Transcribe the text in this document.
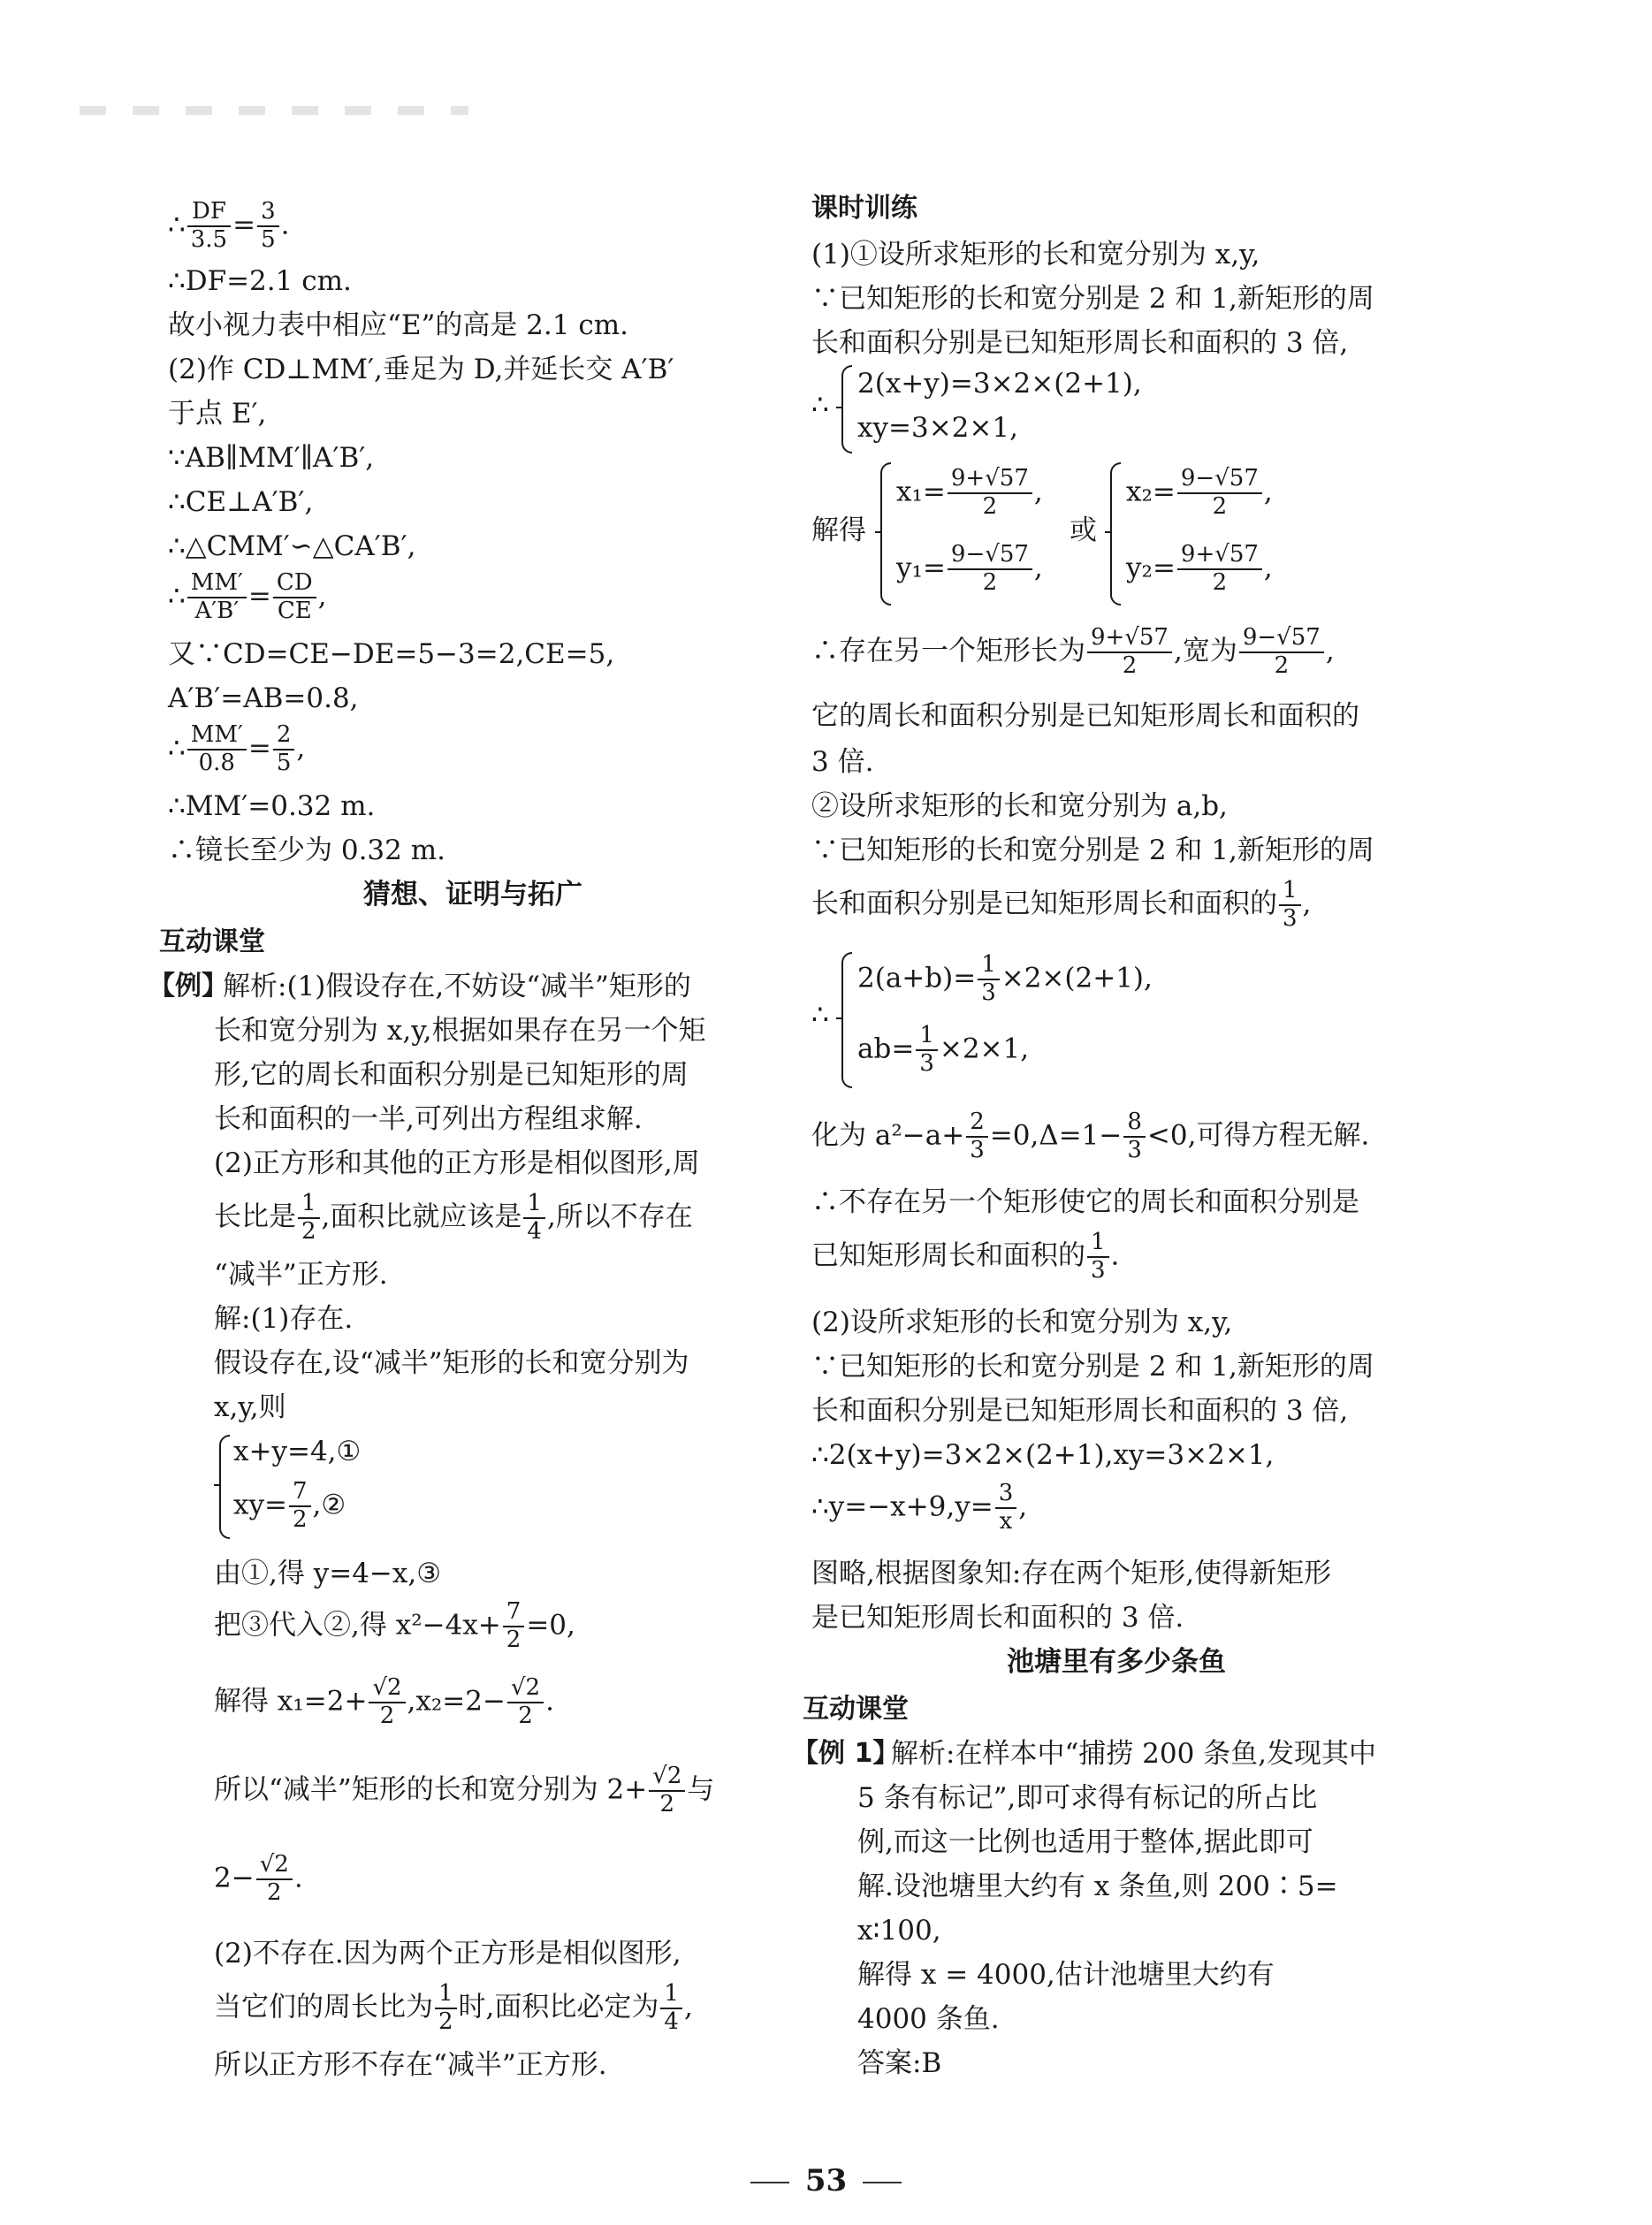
∴ $\frac{DF}{3.5} = \frac{3}{5}$ .
∴DF=2.1 cm.
故小视力表中相应“E”的高是 2.1 cm.
(2)作 CD⊥MM′,垂足为 D,并延长交 A′B′
于点 E′,
∵AB∥MM′∥A′B′,
∴CE⊥A′B′,
∴△CMM′∽△CA′B′,
∴ $\frac{MM'}{A'B'} = \frac{CD}{CE}$ ,
又∵CD=CE−DE=5−3=2,CE=5,
A′B′=AB=0.8,
∴ $\frac{MM'}{0.8} = \frac{2}{5}$ ,
∴MM′=0.32 m.
∴镜长至少为 0.32 m.
猜想、证明与拓广
互动课堂
【例】
解析:(1)假设存在,不妨设“减半”矩形的
长和宽分别为 x,y,根据如果存在另一个矩
形,它的周长和面积分别是已知矩形的周
长和面积的一半,可列出方程组求解.
(2)正方形和其他的正方形是相似图形,周
长比是 $\frac{1}{2}$ ,面积比就应该是 $\frac{1}{4}$ ,所以不存在
“减半”正方形.
解:(1)存在.
假设存在,设“减半”矩形的长和宽分别为
x,y,则
x+y=4,①
$xy= \frac{7}{2}$ ,②
由①,得 y=4−x,③
把③代入②,得 $x^2-4x+ \frac{7}{2} =0$,
解得 $x_1=2+ \frac{√2}{2} ,x_2=2- \frac{√2}{2}$ .
所以“减半”矩形的长和宽分别为 $2+ \frac{√2}{2}$ 与
$2- \frac{√2}{2}$ .
(2)不存在.因为两个正方形是相似图形,
当它们的周长比为 $\frac{1}{2}$ 时,面积比必定为 $\frac{1}{4}$ ,
所以正方形不存在“减半”正方形.
课时训练
(1)①设所求矩形的长和宽分别为 x,y,
∵已知矩形的长和宽分别是 2 和 1,新矩形的周
长和面积分别是已知矩形周长和面积的 3 倍,
∴
2(x+y)=3×2×(2+1),
xy=3×2×1,
解得
$x_1= \frac{9+√57}{2}$ ,
$y_1= \frac{9-√57}{2}$ ,
或
$x_2= \frac{9-√57}{2}$ ,
$y_2= \frac{9+√57}{2}$ ,
∴存在另一个矩形长为 $\frac{9+√57}{2}$ ,宽为 $\frac{9-√57}{2}$ ,
它的周长和面积分别是已知矩形周长和面积的
3 倍.
②设所求矩形的长和宽分别为 a,b,
∵已知矩形的长和宽分别是 2 和 1,新矩形的周
长和面积分别是已知矩形周长和面积的 $\frac{1}{3}$ ,
∴
$2(a+b)= \frac{1}{3} \times 2\times(2+1)$,
$ab= \frac{1}{3} \times 2\times 1$,
化为 $a^2-a+ \frac{2}{3} =0,\Delta=1- \frac{8}{3} <0$,可得方程无解.
∴不存在另一个矩形使它的周长和面积分别是
已知矩形周长和面积的 $\frac{1}{3}$ .
(2)设所求矩形的长和宽分别为 x,y,
∵已知矩形的长和宽分别是 2 和 1,新矩形的周
长和面积分别是已知矩形周长和面积的 3 倍,
∴2(x+y)=3×2×(2+1),xy=3×2×1,
∴y=−x+9,y= $\frac{3}{x}$ ,
图略,根据图象知:存在两个矩形,使得新矩形
是已知矩形周长和面积的 3 倍.
池塘里有多少条鱼
互动课堂
【例 1】
解析:在样本中“捕捞 200 条鱼,发现其中
5 条有标记”,即可求得有标记的所占比
例,而这一比例也适用于整体,据此即可
解.设池塘里大约有 x 条鱼,则 200∶5=
x∶100,
解得 x = 4000,估计池塘里大约有
4000 条鱼.
答案:B
53
